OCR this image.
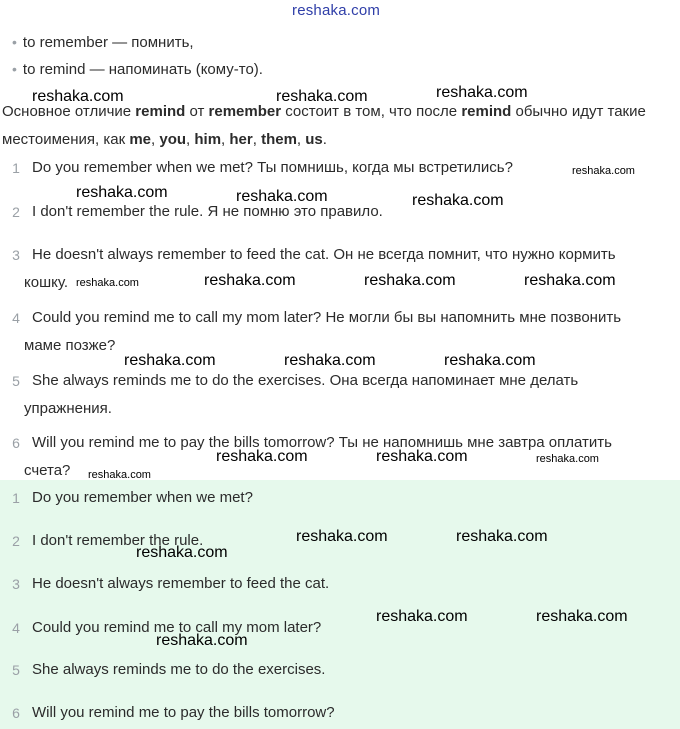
reshaka.com
• to remember — помнить,
• to remind — напоминать (кому-то).
Основное отличие remind от remember состоит в том, что после remind обычно идут такие местоимения, как me, you, him, her, them, us.
1 Do you remember when we met? Ты помнишь, когда мы встретились?
2 I don't remember the rule. Я не помню это правило.
3 He doesn't always remember to feed the cat. Он не всегда помнит, что нужно кормить
кошку.
4 Could you remind me to call my mom later? Не могли бы вы напомнить мне позвонить
маме позже?
5 She always reminds me to do the exercises. Она всегда напоминает мне делать
упражнения.
6 Will you remind me to pay the bills tomorrow? Ты не напомнишь мне завтра оплатить
счета?
1 Do you remember when we met?
2 I don't remember the rule.
3 He doesn't always remember to feed the cat.
4 Could you remind me to call my mom later?
5 She always reminds me to do the exercises.
6 Will you remind me to pay the bills tomorrow?
reshaka.com
reshaka.com	reshaka.com
reshaka.com
reshaka.com	reshaka.com	reshaka.com
reshaka.com	reshaka.com	reshaka.com	reshaka.com
reshaka.com	reshaka.com	reshaka.com
reshaka.com	reshaka.com	reshaka.com
reshaka.com
reshaka.com	reshaka.com
reshaka.com
reshaka.com	reshaka.com
reshaka.com
